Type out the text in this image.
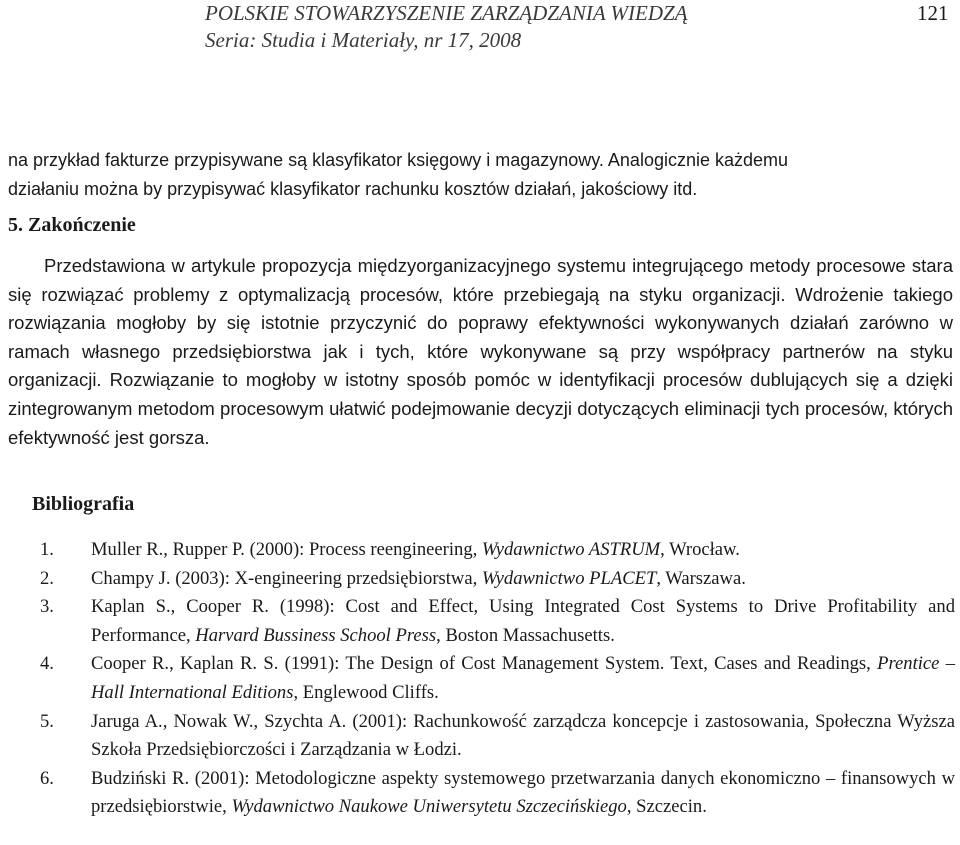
POLSKIE STOWARZYSZENIE ZARZĄDZANIA WIEDZĄ
Seria: Studia i Materiały, nr 17, 2008
121

na przykład fakturze przypisywane są klasyfikator księgowy i magazynowy. Analogicznie każdemu

działaniu można by przypisywać klasyfikator rachunku kosztów działań, jakościowy itd.

5. Zakończenie

Przedstawiona w artykule propozycja międzyorganizacyjnego systemu integrującego metody procesowe stara się rozwiązać problemy z optymalizacją procesów, które przebiegają na styku organizacji. Wdrożenie takiego rozwiązania mogłoby by się istotnie przyczynić do poprawy efektywności wykonywanych działań zarówno w ramach własnego przedsiębiorstwa jak i tych, które wykonywane są przy współpracy partnerów na styku organizacji. Rozwiązanie to mogłoby w istotny sposób pomóc w identyfikacji procesów dublujących się a dzięki zintegrowanym metodom procesowym ułatwić podejmowanie decyzji dotyczących eliminacji tych procesów, których efektywność jest gorsza.

Bibliografia
1. Muller R., Rupper P. (2000): Process reengineering, Wydawnictwo ASTRUM, Wrocław.
2. Champy J. (2003): X-engineering przedsiębiorstwa, Wydawnictwo PLACET, Warszawa.
3. Kaplan S., Cooper R. (1998): Cost and Effect, Using Integrated Cost Systems to Drive Profitability and Performance, Harvard Bussiness School Press, Boston Massachusetts.
4. Cooper R., Kaplan R. S. (1991): The Design of Cost Management System. Text, Cases and Readings, Prentice – Hall International Editions, Englewood Cliffs.
5. Jaruga A., Nowak W., Szychta A. (2001): Rachunkowość zarządcza koncepcje i zastosowania, Społeczna Wyższa Szkoła Przedsiębiorczości i Zarządzania w Łodzi.
6. Budziński R. (2001): Metodologiczne aspekty systemowego przetwarzania danych ekonomiczno – finansowych w przedsiębiorstwie, Wydawnictwo Naukowe Uniwersytetu Szczecińskiego, Szczecin.
